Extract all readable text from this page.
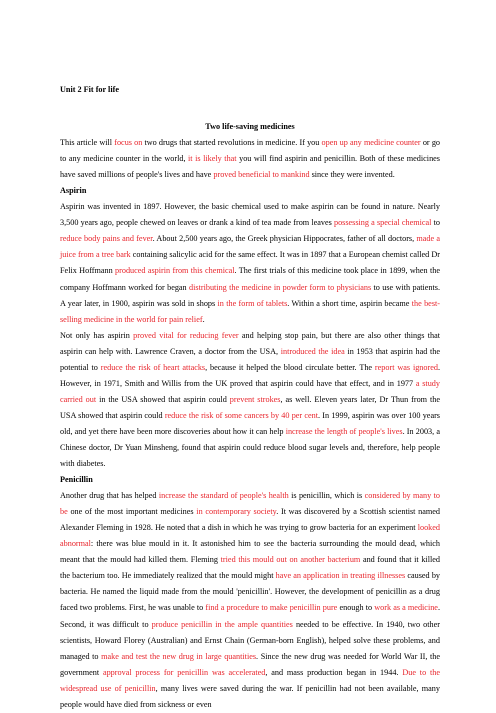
Unit 2 Fit for life
Two life-saving medicines
This article will focus on two drugs that started revolutions in medicine. If you open up any medicine counter or go to any medicine counter in the world, it is likely that you will find aspirin and penicillin. Both of these medicines have saved millions of people's lives and have proved beneficial to mankind since they were invented.
Aspirin
Aspirin was invented in 1897. However, the basic chemical used to make aspirin can be found in nature. Nearly 3,500 years ago, people chewed on leaves or drank a kind of tea made from leaves possessing a special chemical to reduce body pains and fever. About 2,500 years ago, the Greek physician Hippocrates, father of all doctors, made a juice from a tree bark containing salicylic acid for the same effect. It was in 1897 that a European chemist called Dr Felix Hoffmann produced aspirin from this chemical. The first trials of this medicine took place in 1899, when the company Hoffmann worked for began distributing the medicine in powder form to physicians to use with patients. A year later, in 1900, aspirin was sold in shops in the form of tablets. Within a short time, aspirin became the best-selling medicine in the world for pain relief.
Not only has aspirin proved vital for reducing fever and helping stop pain, but there are also other things that aspirin can help with. Lawrence Craven, a doctor from the USA, introduced the idea in 1953 that aspirin had the potential to reduce the risk of heart attacks, because it helped the blood circulate better. The report was ignored. However, in 1971, Smith and Willis from the UK proved that aspirin could have that effect, and in 1977 a study carried out in the USA showed that aspirin could prevent strokes, as well. Eleven years later, Dr Thun from the USA showed that aspirin could reduce the risk of some cancers by 40 per cent. In 1999, aspirin was over 100 years old, and yet there have been more discoveries about how it can help increase the length of people's lives. In 2003, a Chinese doctor, Dr Yuan Minsheng, found that aspirin could reduce blood sugar levels and, therefore, help people with diabetes.
Penicillin
Another drug that has helped increase the standard of people's health is penicillin, which is considered by many to be one of the most important medicines in contemporary society. It was discovered by a Scottish scientist named Alexander Fleming in 1928. He noted that a dish in which he was trying to grow bacteria for an experiment looked abnormal: there was blue mould in it. It astonished him to see the bacteria surrounding the mould dead, which meant that the mould had killed them. Fleming tried this mould out on another bacterium and found that it killed the bacterium too. He immediately realized that the mould might have an application in treating illnesses caused by bacteria. He named the liquid made from the mould 'penicillin'. However, the development of penicillin as a drug faced two problems. First, he was unable to find a procedure to make penicillin pure enough to work as a medicine. Second, it was difficult to produce penicillin in the ample quantities needed to be effective. In 1940, two other scientists, Howard Florey (Australian) and Ernst Chain (German-born English), helped solve these problems, and managed to make and test the new drug in large quantities. Since the new drug was needed for World War II, the government approval process for penicillin was accelerated, and mass production began in 1944. Due to the widespread use of penicillin, many lives were saved during the war. If penicillin had not been available, many people would have died from sickness or even
